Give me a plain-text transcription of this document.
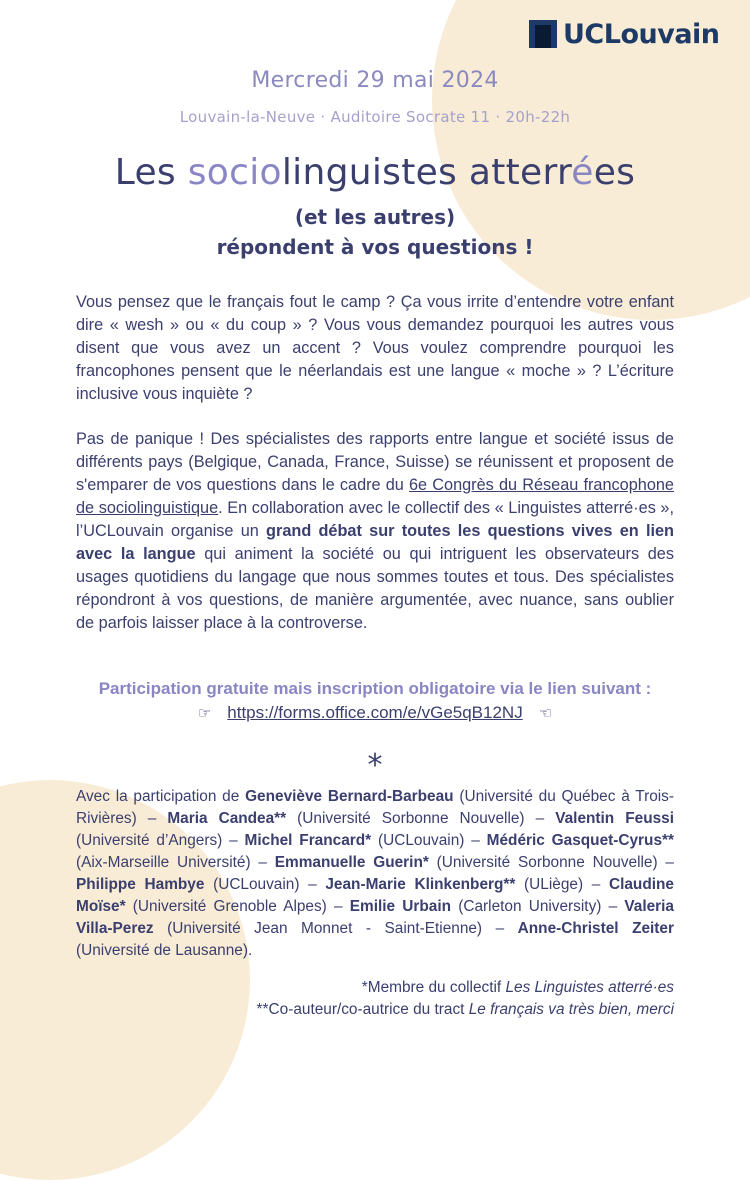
UCLouvain
Mercredi 29 mai 2024
Louvain-la-Neuve · Auditoire Socrate 11 · 20h-22h
Les sociolinguistes atterrées
(et les autres)
répondent à vos questions !
Vous pensez que le français fout le camp ? Ça vous irrite d’entendre votre enfant dire « wesh » ou « du coup » ? Vous vous demandez pourquoi les autres vous disent que vous avez un accent ? Vous voulez comprendre pourquoi les francophones pensent que le néerlandais est une langue « moche » ? L’écriture inclusive vous inquiète ?
Pas de panique ! Des spécialistes des rapports entre langue et société issus de différents pays (Belgique, Canada, France, Suisse) se réunissent et proposent de s'emparer de vos questions dans le cadre du 6e Congrès du Réseau francophone de sociolinguistique. En collaboration avec le collectif des « Linguistes atterré·es », l’UCLouvain organise un grand débat sur toutes les questions vives en lien avec la langue qui animent la société ou qui intriguent les observateurs des usages quotidiens du langage que nous sommes toutes et tous. Des spécialistes répondront à vos questions, de manière argumentée, avec nuance, sans oublier de parfois laisser place à la controverse.
Participation gratuite mais inscription obligatoire via le lien suivant :
☞ https://forms.office.com/e/vGe5qB12NJ ☜
*
Avec la participation de Geneviève Bernard-Barbeau (Université du Québec à Trois-Rivières) – Maria Candea** (Université Sorbonne Nouvelle) – Valentin Feussi (Université d’Angers) – Michel Francard* (UCLouvain) – Médéric Gasquet-Cyrus** (Aix-Marseille Université) – Emmanuelle Guerin* (Université Sorbonne Nouvelle) – Philippe Hambye (UCLouvain) – Jean-Marie Klinkenberg** (ULiège) – Claudine Moïse* (Université Grenoble Alpes) – Emilie Urbain (Carleton University) – Valeria Villa-Perez (Université Jean Monnet - Saint-Etienne) – Anne-Christel Zeiter (Université de Lausanne).
*Membre du collectif Les Linguistes atterré·es
**Co-auteur/co-autrice du tract Le français va très bien, merci
